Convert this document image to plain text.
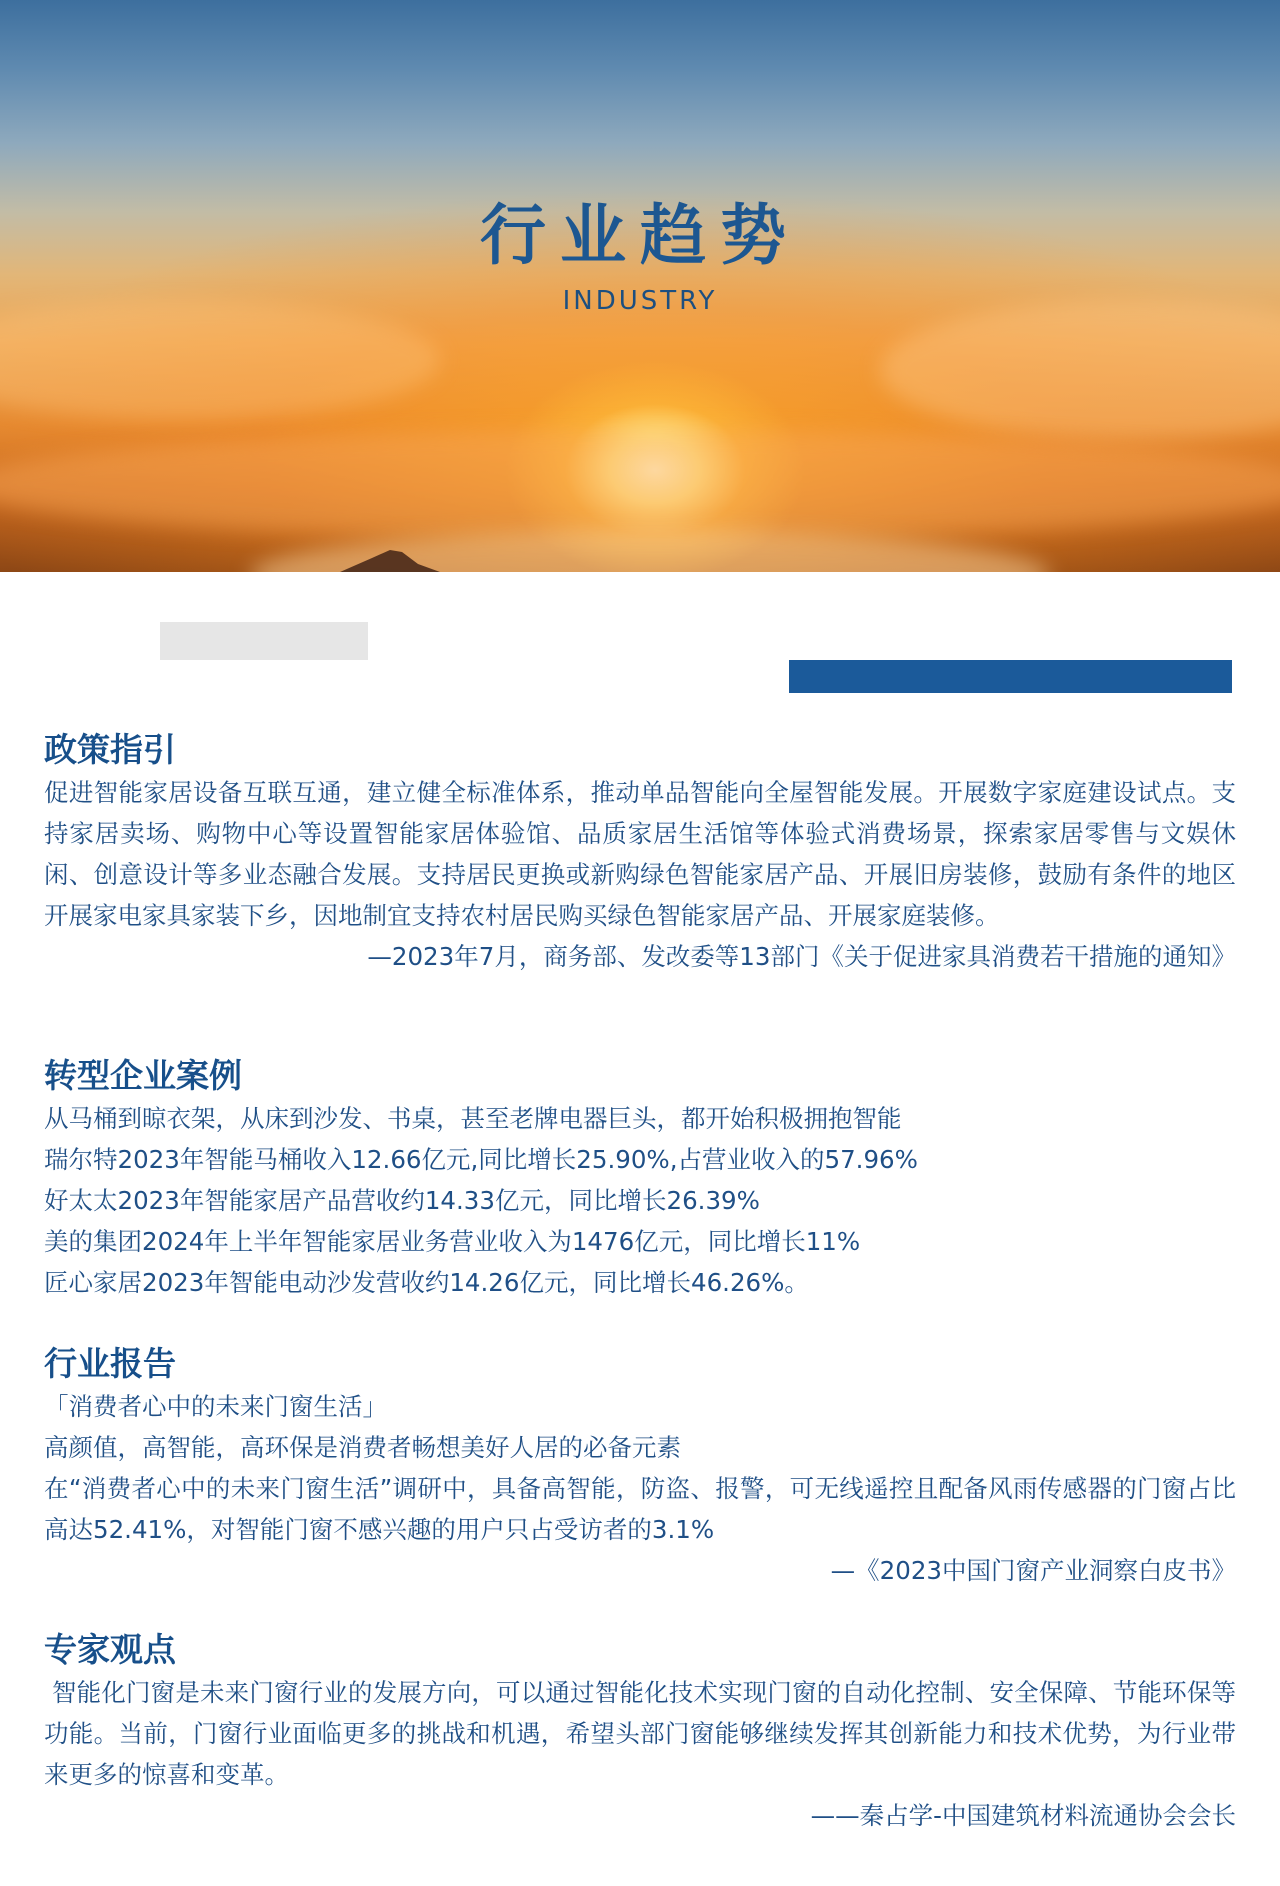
行业趋势
INDUSTRY
政策指引

促进智能家居设备互联互通，建立健全标准体系，推动单品智能向全屋智能发展。开展数字家庭建设试点。支持家居卖场、购物中心等设置智能家居体验馆、品质家居生活馆等体验式消费场景，探索家居零售与文娱休闲、创意设计等多业态融合发展。支持居民更换或新购绿色智能家居产品、开展旧房装修，鼓励有条件的地区开展家电家具家装下乡，因地制宜支持农村居民购买绿色智能家居产品、开展家庭装修。

—2023年7月，商务部、发改委等13部门《关于促进家具消费若干措施的通知》

转型企业案例

从马桶到晾衣架，从床到沙发、书桌，甚至老牌电器巨头，都开始积极拥抱智能

瑞尔特2023年智能马桶收入12.66亿元,同比增长25.90%,占营业收入的57.96%

好太太2023年智能家居产品营收约14.33亿元，同比增长26.39%

美的集团2024年上半年智能家居业务营业收入为1476亿元，同比增长11%

匠心家居2023年智能电动沙发营收约14.26亿元，同比增长46.26%。

行业报告

「消费者心中的未来门窗生活」

高颜值，高智能，高环保是消费者畅想美好人居的必备元素

在“消费者心中的未来门窗生活”调研中，具备高智能，防盗、报警，可无线遥控且配备风雨传感器的门窗占比高达52.41%，对智能门窗不感兴趣的用户只占受访者的3.1%

—《2023中国门窗产业洞察白皮书》

专家观点

智能化门窗是未来门窗行业的发展方向，可以通过智能化技术实现门窗的自动化控制、安全保障、节能环保等功能。当前，门窗行业面临更多的挑战和机遇，希望头部门窗能够继续发挥其创新能力和技术优势，为行业带来更多的惊喜和变革。

——秦占学-中国建筑材料流通协会会长
